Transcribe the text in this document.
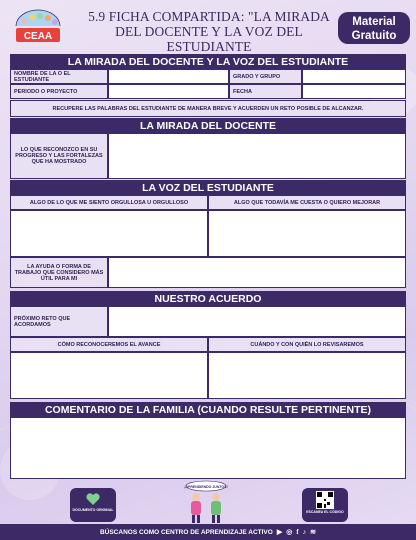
CEAA
5.9 FICHA COMPARTIDA: "LA MIRADA DEL DOCENTE Y LA VOZ DEL ESTUDIANTE
Material
Gratuito
LA MIRADA DEL DOCENTE Y LA VOZ DEL ESTUDIANTE
NOMBRE DE LA O EL ESTUDIANTE	GRADO Y GRUPO
PERIODO O PROYECTO	FECHA
RECUPERE LAS PALABRAS DEL ESTUDIANTE DE MANERA BREVE Y ACUERDEN UN RETO POSIBLE DE ALCANZAR.
LA MIRADA DEL DOCENTE
LO QUE RECONOZCO EN SU PROGRESO Y LAS FORTALEZAS QUE HA MOSTRADO
LA VOZ DEL ESTUDIANTE
ALGO DE LO QUE ME SIENTO ORGULLOSA U ORGULLOSO	ALGO QUE TODAVÍA ME CUESTA O QUIERO MEJORAR
LA AYUDA O FORMA DE TRABAJO QUE CONSIDERO MÁS ÚTIL PARA MI
NUESTRO ACUERDO
PRÓXIMO RETO QUE ACORDAMOS
CÓMO RECONOCEREMOS EL AVANCE	CUÁNDO Y CON QUIÉN LO REVISAREMOS
COMENTARIO DE LA FAMILIA (CUANDO RESULTE PERTINENTE)
DOCUMENTO ORIGINAL
¡APRENDIENDO JUNTOS!
ESCANEA EL CÓDIGO
BÚSCANOS COMO CENTRO DE APRENDIZAJE ACTIVO ▶ ◎ f ♪ ≋
